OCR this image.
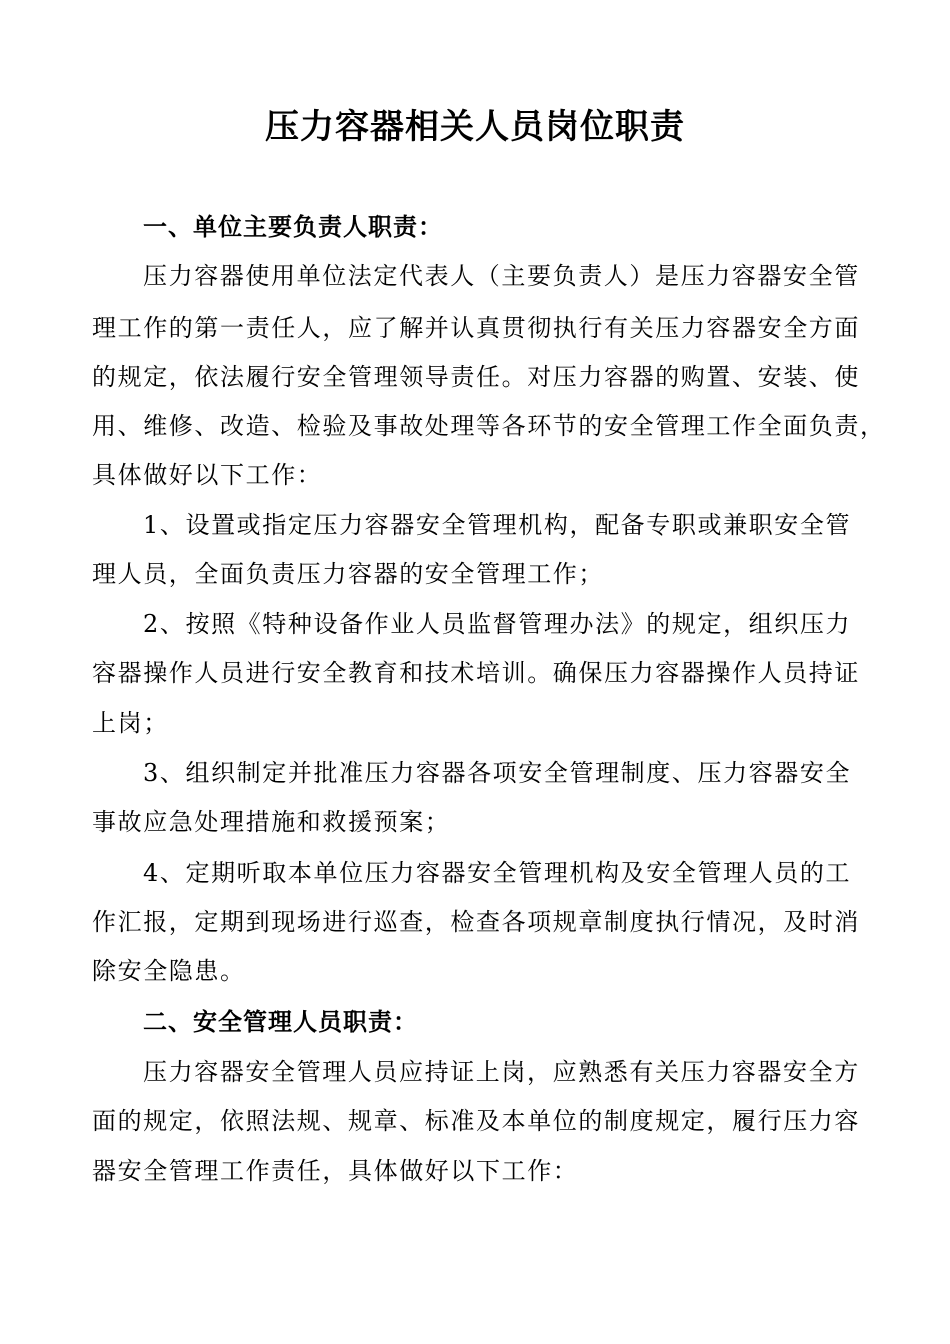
压力容器相关人员岗位职责
一、单位主要负责人职责：
压力容器使用单位法定代表人（主要负责人）是压力容器安全管
理工作的第一责任人，应了解并认真贯彻执行有关压力容器安全方面
的规定，依法履行安全管理领导责任。对压力容器的购置、安装、使
用、维修、改造、检验及事故处理等各环节的安全管理工作全面负责，
具体做好以下工作：
1、设置或指定压力容器安全管理机构，配备专职或兼职安全管
理人员，全面负责压力容器的安全管理工作；
2、按照《特种设备作业人员监督管理办法》的规定，组织压力
容器操作人员进行安全教育和技术培训。确保压力容器操作人员持证
上岗；
3、组织制定并批准压力容器各项安全管理制度、压力容器安全
事故应急处理措施和救援预案；
4、定期听取本单位压力容器安全管理机构及安全管理人员的工
作汇报，定期到现场进行巡查，检查各项规章制度执行情况，及时消
除安全隐患。
二、安全管理人员职责：
压力容器安全管理人员应持证上岗，应熟悉有关压力容器安全方
面的规定，依照法规、规章、标准及本单位的制度规定，履行压力容
器安全管理工作责任，具体做好以下工作：
